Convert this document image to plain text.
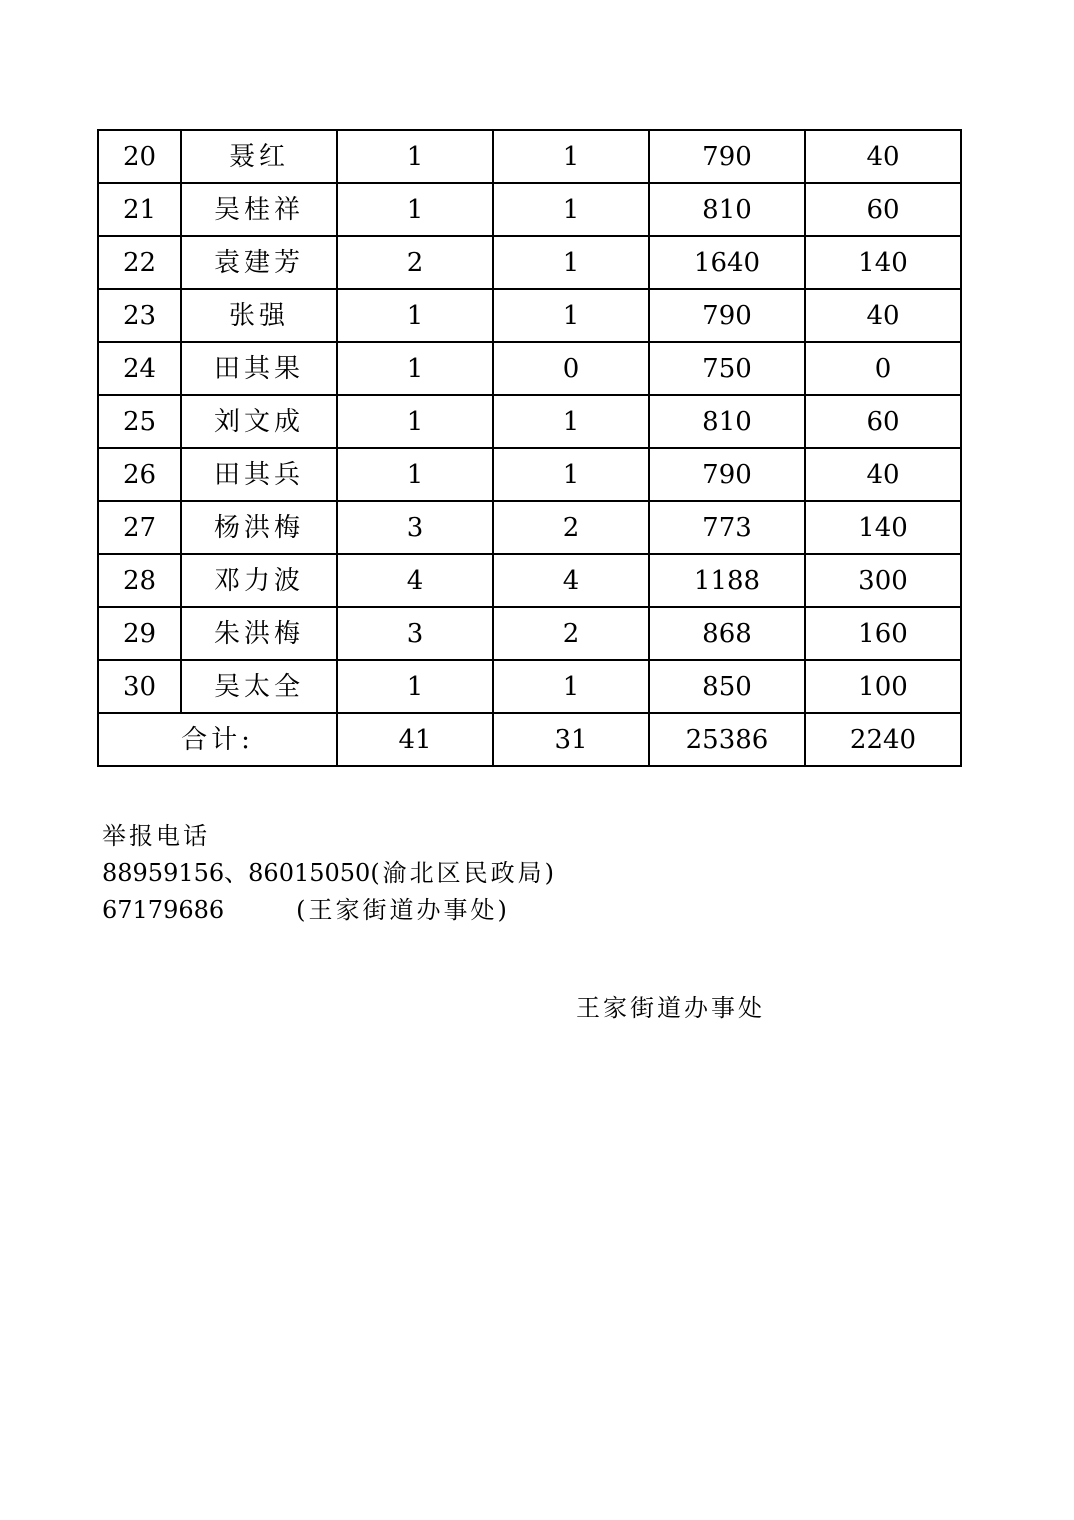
20	聂红	1	1	790	40
21	吴桂祥	1	1	810	60
22	袁建芳	2	1	1640	140
23	张强	1	1	790	40
24	田其果	1	0	750	0
25	刘文成	1	1	810	60
26	田其兵	1	1	790	40
27	杨洪梅	3	2	773	140
28	邓力波	4	4	1188	300
29	朱洪梅	3	2	868	160
30	吴太全	1	1	850	100
合计:		41	31	25386	2240
举报电话
88959156、86015050(渝北区民政局)
67179686	(王家街道办事处)
王家街道办事处
